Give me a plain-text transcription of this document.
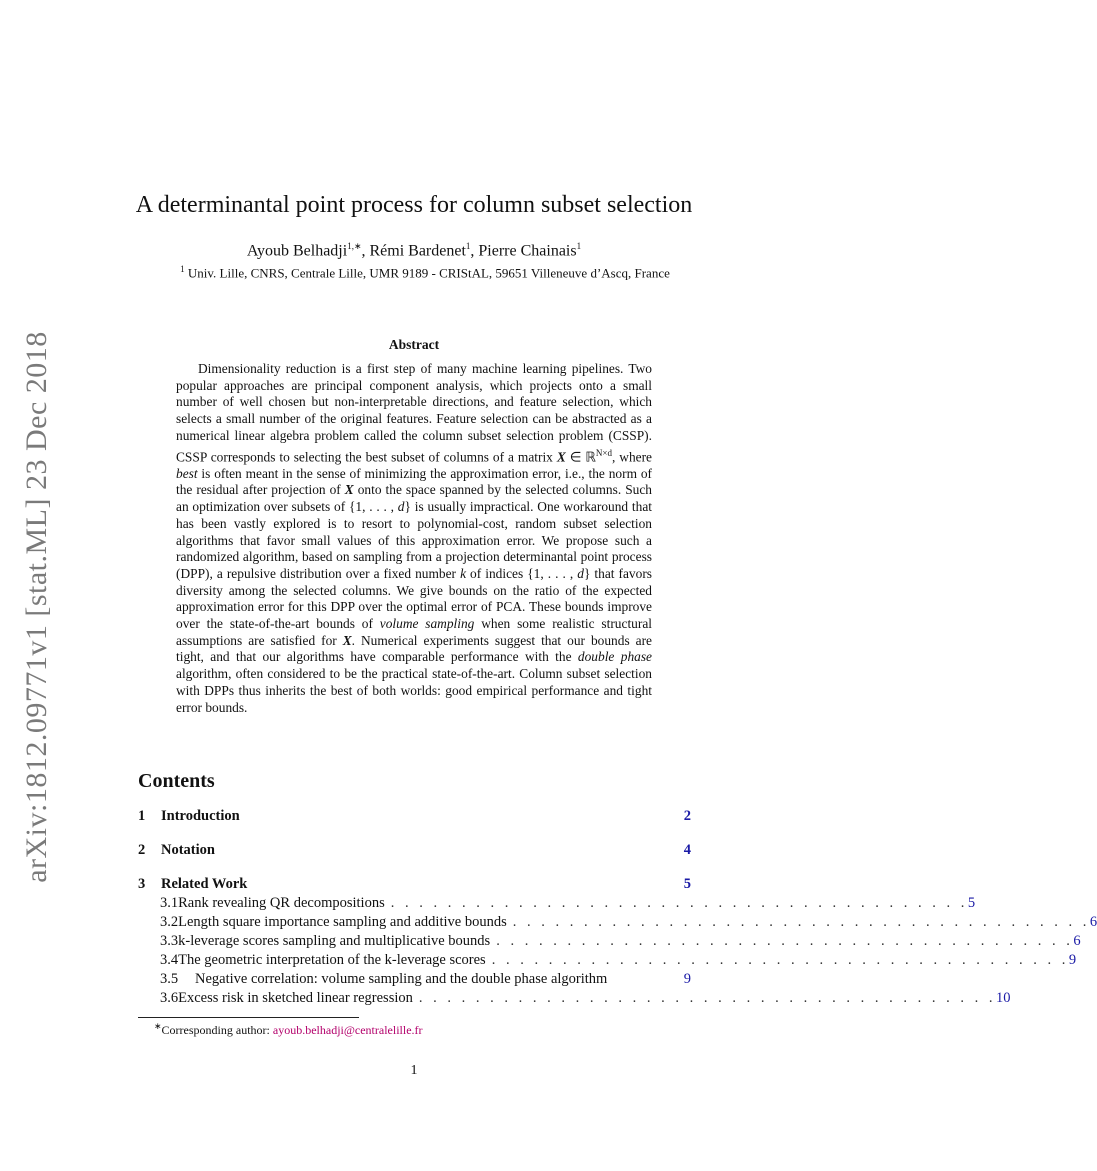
arXiv:1812.09771v1 [stat.ML] 23 Dec 2018
A determinantal point process for column subset selection
Ayoub Belhadji$^{1,∗}$, Rémi Bardenet$^1$, Pierre Chainais$^1$
$^1$ Univ. Lille, CNRS, Centrale Lille, UMR 9189 - CRIStAL, 59651 Villeneuve d’Ascq, France
Abstract

Dimensionality reduction is a first step of many machine learning pipelines. Two popular approaches are principal component analysis, which projects onto a small number of well chosen but non-interpretable directions, and feature selection, which selects a small number of the original features. Feature selection can be abstracted as a numerical linear algebra problem called the column subset selection problem (CSSP). CSSP corresponds to selecting the best subset of columns of a matrix X ∈ ℝ$^{N\times d}$, where best is often meant in the sense of minimizing the approximation error, i.e., the norm of the residual after projection of X onto the space spanned by the selected columns. Such an optimization over subsets of {1, . . . , d} is usually impractical. One workaround that has been vastly explored is to resort to polynomial-cost, random subset selection algorithms that favor small values of this approximation error. We propose such a randomized algorithm, based on sampling from a projection determinantal point process (DPP), a repulsive distribution over a fixed number k of indices {1, . . . , d} that favors diversity among the selected columns. We give bounds on the ratio of the expected approximation error for this DPP over the optimal error of PCA. These bounds improve over the state-of-the-art bounds of volume sampling when some realistic structural assumptions are satisfied for X. Numerical experiments suggest that our bounds are tight, and that our algorithms have comparable performance with the double phase algorithm, often considered to be the practical state-of-the-art. Column subset selection with DPPs thus inherits the best of both worlds: good empirical performance and tight error bounds.

Contents
1 Introduction	2
2 Notation	4
3 Related Work	5
3.1 Rank revealing QR decompositions . . . . . . . . . . . . . . . . . . . . . . . . . . . . . . . . . . . . . . . . . 5
3.2 Length square importance sampling and additive bounds . . . . . . . . . . . . . . . . . . . . . . . . . . . . . . . . . . . . . . . . . 6
3.3 k-leverage scores sampling and multiplicative bounds . . . . . . . . . . . . . . . . . . . . . . . . . . . . . . . . . . . . . . . . . 6
3.4 The geometric interpretation of the k-leverage scores . . . . . . . . . . . . . . . . . . . . . . . . . . . . . . . . . . . . . . . . . 9
3.5	Negative correlation: volume sampling and the double phase algorithm	9
3.6 Excess risk in sketched linear regression . . . . . . . . . . . . . . . . . . . . . . . . . . . . . . . . . . . . . . . . . 10
∗Corresponding author: ayoub.belhadji@centralelille.fr
1
